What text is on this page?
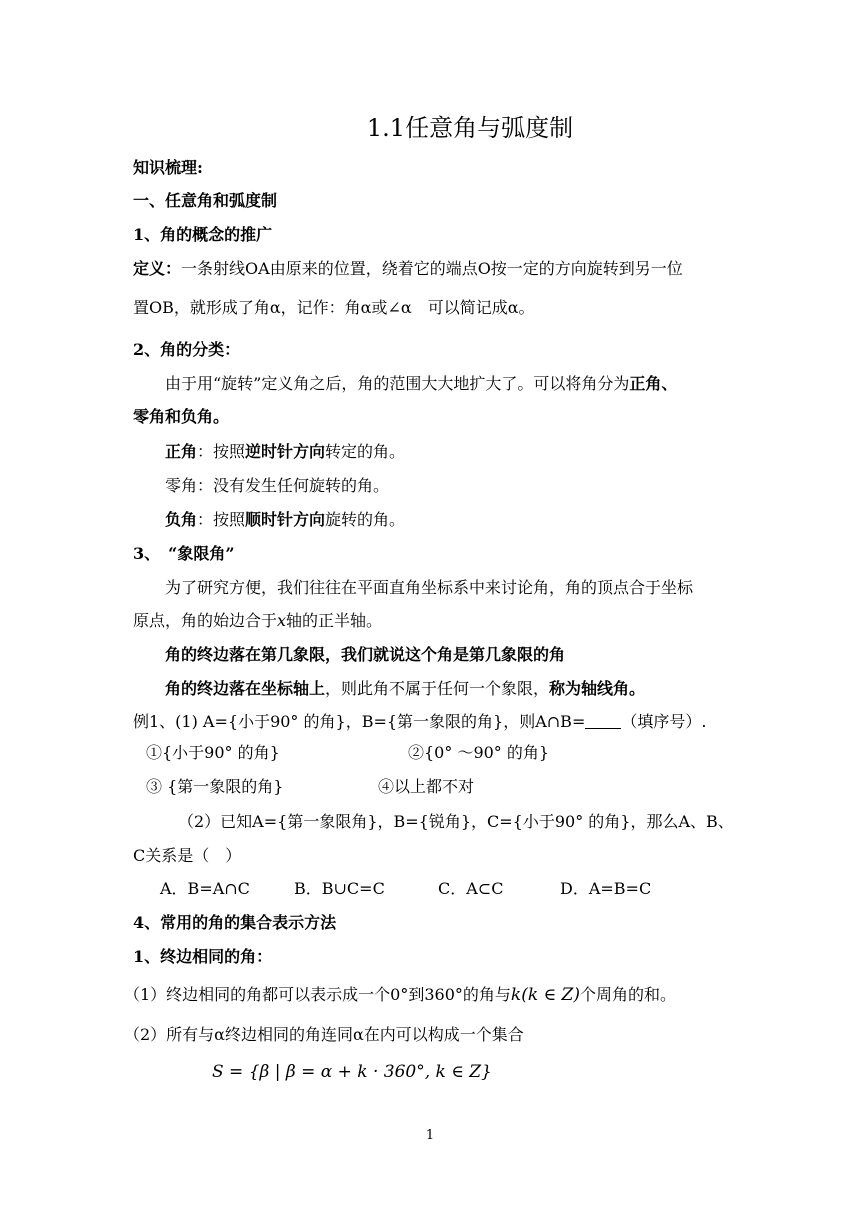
1.1任意角与弧度制
知识梳理:
一、任意角和弧度制
1、角的概念的推广
定义：一条射线OA由原来的位置，绕着它的端点O按一定的方向旋转到另一位
置OB，就形成了角α，记作：角α或∠α　可以简记成α。
2、角的分类：
由于用“旋转”定义角之后，角的范围大大地扩大了。可以将角分为正角、
零角和负角。
正角：按照逆时针方向转定的角。
零角：没有发生任何旋转的角。
负角：按照顺时针方向旋转的角。
3、　“象限角”
为了研究方便，我们往往在平面直角坐标系中来讨论角，角的顶点合于坐标
原点，角的始边合于x轴的正半轴。
角的终边落在第几象限，我们就说这个角是第几象限的角
角的终边落在坐标轴上，则此角不属于任何一个象限，称为轴线角。
例1、(1) A={小于90° 的角}，B={第一象限的角}，则A∩B= （填序号）.
①{小于90° 的角}	②{0° ～90° 的角}
③ {第一象限的角}	④以上都不对
（2）已知A={第一象限角}，B={锐角}，C={小于90° 的角}，那么A、B、
C关系是（　）
A．B=A∩C	B．B∪C=C	C．A⊂C	D．A=B=C
4、常用的角的集合表示方法
1、终边相同的角：
（1）终边相同的角都可以表示成一个0°到360°的角与k(k ∈ Z)个周角的和。
（2）所有与α终边相同的角连同α在内可以构成一个集合
S = {β | β = α + k · 360°, k ∈ Z}
1
